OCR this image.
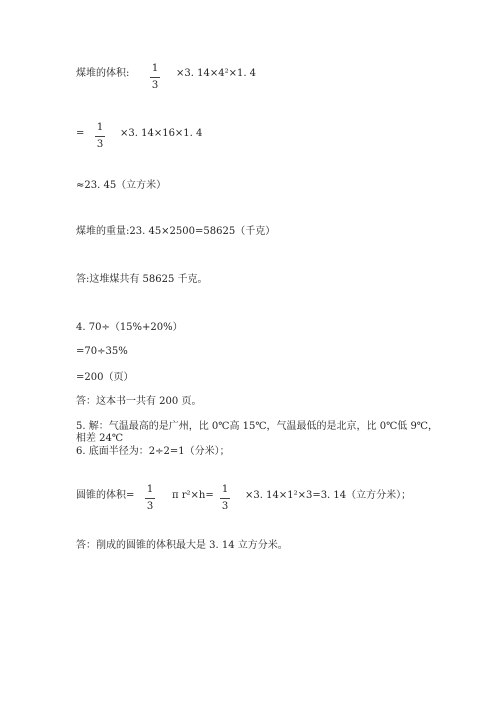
煤堆的体积: 1
3
×3. 14×4²×1. 4
=
1
3
×3. 14×16×1. 4
≈23. 45（立方米）
煤堆的重量:23. 45×2500=58625（千克）
答:这堆煤共有 58625 千克。
4. 70÷（15%+20%）
=70÷35%
=200（页）
答：这本书一共有 200 页。
5. 解：气温最高的是广州，比 0℃高 15℃，气温最低的是北京，比 0℃低 9℃，
相差 24℃
6. 底面半径为：2÷2=1（分米）；
圆锥的体积=
1
3
π r²×h=
1
3
×3. 14×1²×3=3. 14（立方分米）；
答：削成的圆锥的体积最大是 3. 14 立方分米。
